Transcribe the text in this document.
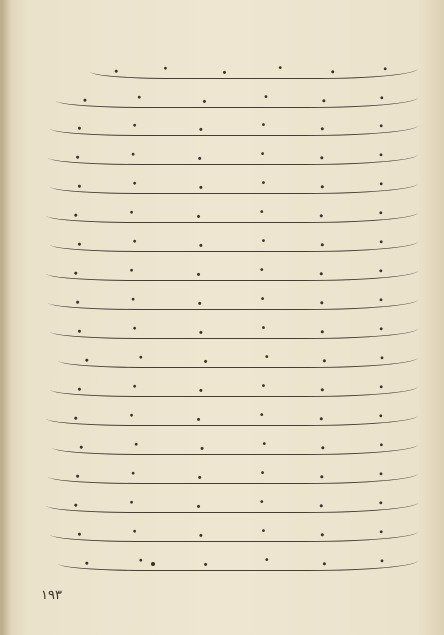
۱۹۳
